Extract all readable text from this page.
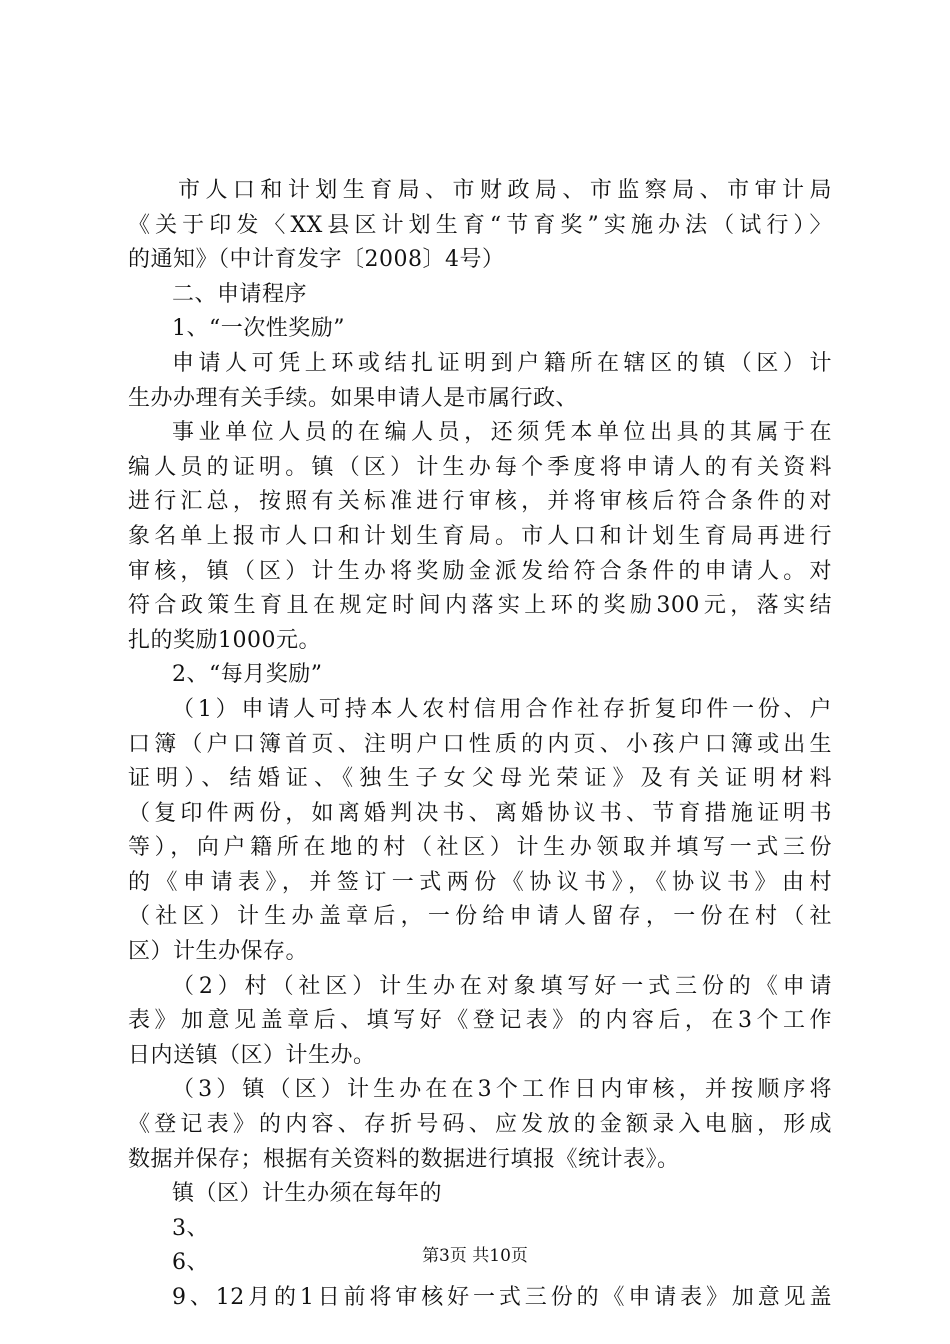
市人口和计划生育局、市财政局、市监察局、市审计局
《关于印发〈XX县区计划生育“节育奖”实施办法（试行）〉
的通知》（中计育发字〔2008〕4号）
二、申请程序
1、“一次性奖励”
申请人可凭上环或结扎证明到户籍所在辖区的镇（区）计
生办办理有关手续。如果申请人是市属行政、
事业单位人员的在编人员，还须凭本单位出具的其属于在
编人员的证明。镇（区）计生办每个季度将申请人的有关资料
进行汇总，按照有关标准进行审核，并将审核后符合条件的对
象名单上报市人口和计划生育局。市人口和计划生育局再进行
审核，镇（区）计生办将奖励金派发给符合条件的申请人。对
符合政策生育且在规定时间内落实上环的奖励300元，落实结
扎的奖励1000元。
2、“每月奖励”
（1）申请人可持本人农村信用合作社存折复印件一份、户
口簿（户口簿首页、注明户口性质的内页、小孩户口簿或出生
证明）、结婚证、《独生子女父母光荣证》及有关证明材料
（复印件两份，如离婚判决书、离婚协议书、节育措施证明书
等），向户籍所在地的村（社区）计生办领取并填写一式三份
的《申请表》，并签订一式两份《协议书》，《协议书》由村
（社区）计生办盖章后，一份给申请人留存，一份在村（社
区）计生办保存。
（2）村（社区）计生办在对象填写好一式三份的《申请
表》加意见盖章后、填写好《登记表》的内容后，在3个工作
日内送镇（区）计生办。
（3）镇（区）计生办在在3个工作日内审核，并按顺序将
《登记表》的内容、存折号码、应发放的金额录入电脑，形成
数据并保存；根据有关资料的数据进行填报《统计表》。
镇（区）计生办须在每年的
3、
6、
9、12月的1日前将审核好一式三份的《申请表》加意见盖
第3页 共10页
